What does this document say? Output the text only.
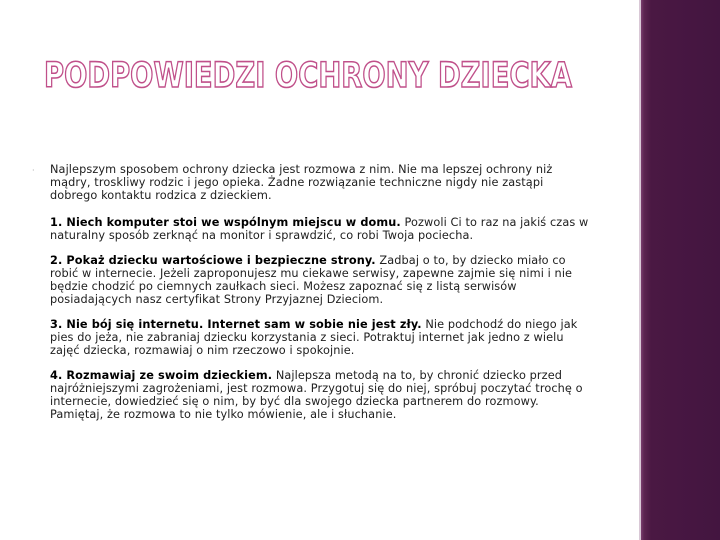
PODPOWIEDZI OCHRONY DZIECKA
· Najlepszym sposobem ochrony dziecka jest rozmowa z nim. Nie ma lepszej ochrony niż mądry, troskliwy rodzic i jego opieka. Żadne rozwiązanie techniczne nigdy nie zastąpi dobrego kontaktu rodzica z dzieckiem.

1. Niech komputer stoi we wspólnym miejscu w domu. Pozwoli Ci to raz na jakiś czas w naturalny sposób zerknąć na monitor i sprawdzić, co robi Twoja pociecha.

2. Pokaż dziecku wartościowe i bezpieczne strony. Zadbaj o to, by dziecko miało co robić w internecie. Jeżeli zaproponujesz mu ciekawe serwisy, zapewne zajmie się nimi i nie będzie chodzić po ciemnych zaułkach sieci. Możesz zapoznać się z listą serwisów posiadających nasz certyfikat Strony Przyjaznej Dzieciom.

3. Nie bój się internetu. Internet sam w sobie nie jest zły. Nie podchodź do niego jak pies do jeża, nie zabraniaj dziecku korzystania z sieci. Potraktuj internet jak jedno z wielu zajęć dziecka, rozmawiaj o nim rzeczowo i spokojnie.

4. Rozmawiaj ze swoim dzieckiem. Najlepsza metodą na to, by chronić dziecko przed najróżniejszymi zagrożeniami, jest rozmowa. Przygotuj się do niej, spróbuj poczytać trochę o internecie, dowiedzieć się o nim, by być dla swojego dziecka partnerem do rozmowy. Pamiętaj, że rozmowa to nie tylko mówienie, ale i słuchanie.
